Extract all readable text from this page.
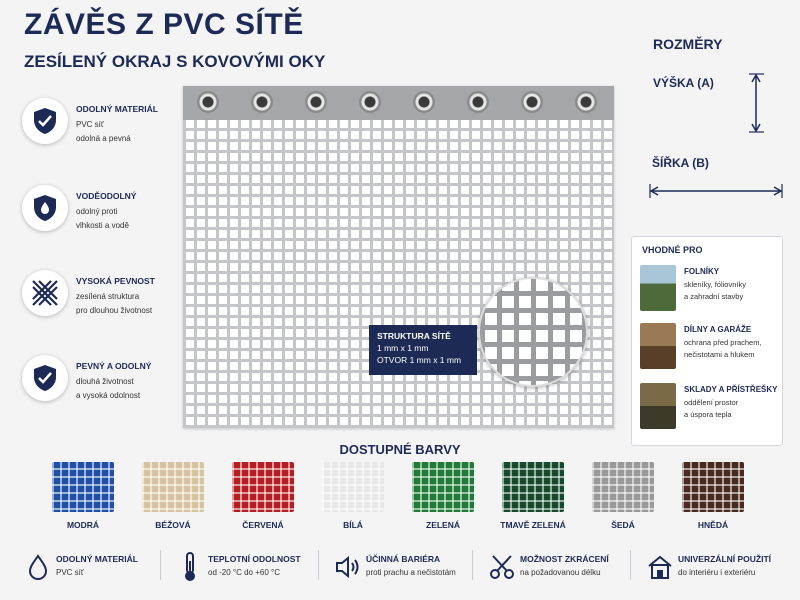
ZÁVĚS Z PVC SÍTĚ
ZESÍLENÝ OKRAJ S KOVOVÝMI OKY
ODOLNÝ MATERIÁL
PVC síť
odolná a pevná
VODĚODOLNÝ
odolný proti
vlhkosti a vodě
VYSOKÁ PEVNOST
zesílená struktura
pro dlouhou životnost
PEVNÝ A ODOLNÝ
dlouhá životnost
a vysoká odolnost
STRUKTURA SÍTĚ
1 mm x 1 mm
OTVOR 1 mm x 1 mm
ROZMĚRY
VÝŠKA (A)
ŠÍŘKA (B)
VHODNÉ PRO
FOLNÍKY
skleníky, fóliovníky
a zahradní stavby
DÍLNY A GARÁŽE
ochrana před prachem,
nečistotami a hlukem
SKLADY A PŘÍSTŘEŠKY
oddělení prostor
a úspora tepla
DOSTUPNÉ BARVY
MODRÁ	BÉŽOVÁ	ČERVENÁ	BÍLÁ	ZELENÁ	TMAVĚ ZELENÁ	ŠEDÁ	HNĚDÁ
ODOLNÝ MATERIÁL
PVC síť
TEPLOTNÍ ODOLNOST
od -20 °C do +60 °C
ÚČINNÁ BARIÉRA
proti prachu a nečistotám
MOŽNOST ZKRÁCENÍ
na požadovanou délku
UNIVERZÁLNÍ POUŽITÍ
do interiéru i exteriéru
